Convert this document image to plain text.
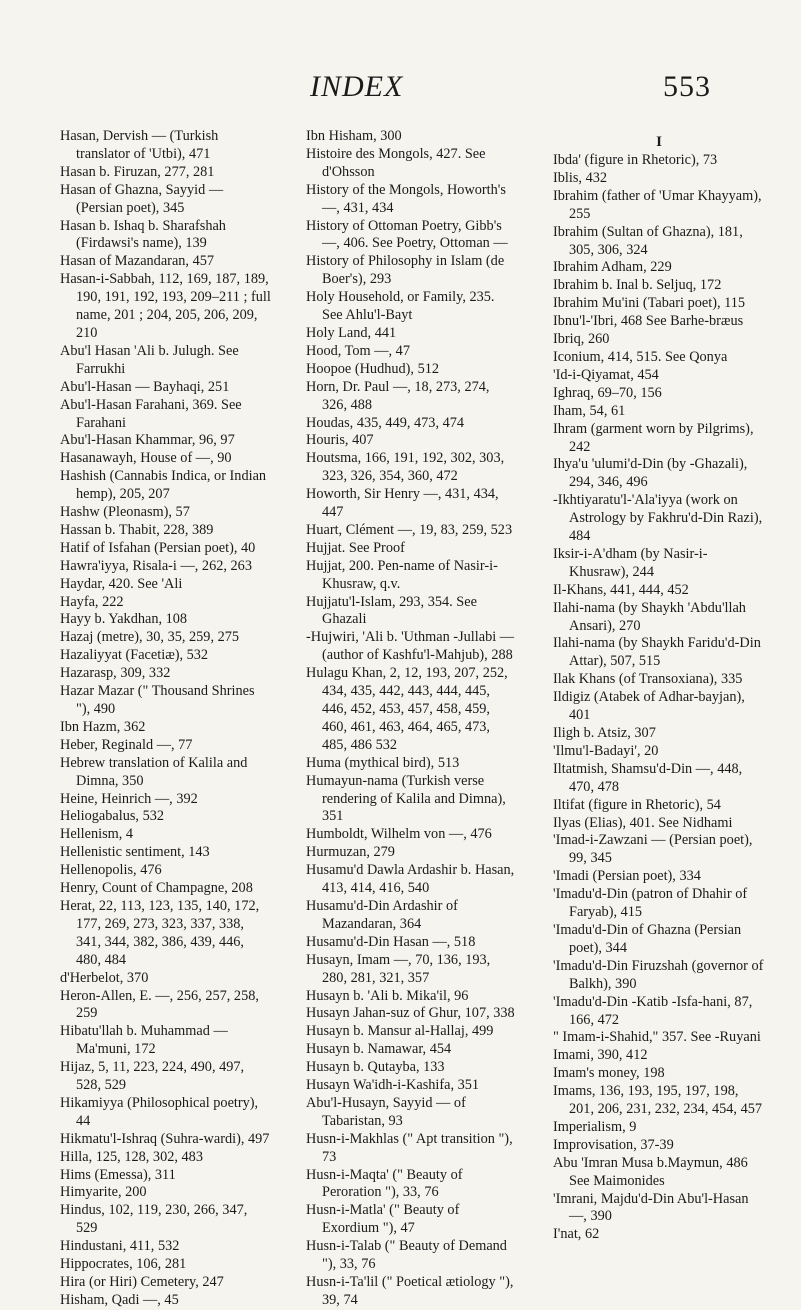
INDEX	553

Hasan, Dervish — (Turkish translator of 'Utbi), 471

Hasan b. Firuzan, 277, 281

Hasan of Ghazna, Sayyid — (Persian poet), 345

Hasan b. Ishaq b. Sharafshah (Firdawsi's name), 139

Hasan of Mazandaran, 457

Hasan-i-Sabbah, 112, 169, 187, 189, 190, 191, 192, 193, 209–211 ; full name, 201 ; 204, 205, 206, 209, 210

Abu'l Hasan 'Ali b. Julugh. See Farrukhi

Abu'l-Hasan — Bayhaqi, 251

Abu'l-Hasan Farahani, 369. See Farahani

Abu'l-Hasan Khammar, 96, 97

Hasanawayh, House of —, 90

Hashish (Cannabis Indica, or Indian hemp), 205, 207

Hashw (Pleonasm), 57

Hassan b. Thabit, 228, 389

Hatif of Isfahan (Persian poet), 40

Hawra'iyya, Risala-i —, 262, 263

Haydar, 420. See 'Ali

Hayfa, 222

Hayy b. Yakdhan, 108

Hazaj (metre), 30, 35, 259, 275

Hazaliyyat (Facetiæ), 532

Hazarasp, 309, 332

Hazar Mazar (" Thousand Shrines "), 490

Ibn Hazm, 362

Heber, Reginald —, 77

Hebrew translation of Kalila and Dimna, 350

Heine, Heinrich —, 392

Heliogabalus, 532

Hellenism, 4

Hellenistic sentiment, 143

Hellenopolis, 476

Henry, Count of Champagne, 208

Herat, 22, 113, 123, 135, 140, 172, 177, 269, 273, 323, 337, 338, 341, 344, 382, 386, 439, 446, 480, 484

d'Herbelot, 370

Heron-Allen, E. —, 256, 257, 258, 259

Hibatu'llah b. Muhammad — Ma'muni, 172

Hijaz, 5, 11, 223, 224, 490, 497, 528, 529

Hikamiyya (Philosophical poetry), 44

Hikmatu'l-Ishraq (Suhra-wardi), 497

Hilla, 125, 128, 302, 483

Hims (Emessa), 311

Himyarite, 200

Hindus, 102, 119, 230, 266, 347, 529

Hindustani, 411, 532

Hippocrates, 106, 281

Hira (or Hiri) Cemetery, 247

Hisham, Qadi —, 45

Ibn Hisham, 300

Histoire des Mongols, 427. See d'Ohsson

History of the Mongols, Howorth's —, 431, 434

History of Ottoman Poetry, Gibb's —, 406. See Poetry, Ottoman —

History of Philosophy in Islam (de Boer's), 293

Holy Household, or Family, 235. See Ahlu'l-Bayt

Holy Land, 441

Hood, Tom —, 47

Hoopoe (Hudhud), 512

Horn, Dr. Paul —, 18, 273, 274, 326, 488

Houdas, 435, 449, 473, 474

Houris, 407

Houtsma, 166, 191, 192, 302, 303, 323, 326, 354, 360, 472

Howorth, Sir Henry —, 431, 434, 447

Huart, Clément —, 19, 83, 259, 523

Hujjat. See Proof

Hujjat, 200. Pen-name of Nasir-i-Khusraw, q.v.

Hujjatu'l-Islam, 293, 354. See Ghazali

-Hujwiri, 'Ali b. 'Uthman -Jullabi — (author of Kashfu'l-Mahjub), 288

Hulagu Khan, 2, 12, 193, 207, 252, 434, 435, 442, 443, 444, 445, 446, 452, 453, 457, 458, 459, 460, 461, 463, 464, 465, 473, 485, 486 532

Huma (mythical bird), 513

Humayun-nama (Turkish verse rendering of Kalila and Dimna), 351

Humboldt, Wilhelm von —, 476

Hurmuzan, 279

Husamu'd Dawla Ardashir b. Hasan, 413, 414, 416, 540

Husamu'd-Din Ardashir of Mazandaran, 364

Husamu'd-Din Hasan —, 518

Husayn, Imam —, 70, 136, 193, 280, 281, 321, 357

Husayn b. 'Ali b. Mika'il, 96

Husayn Jahan-suz of Ghur, 107, 338

Husayn b. Mansur al-Hallaj, 499

Husayn b. Namawar, 454

Husayn b. Qutayba, 133

Husayn Wa'idh-i-Kashifa, 351

Abu'l-Husayn, Sayyid — of Tabaristan, 93

Husn-i-Makhlas (" Apt transition "), 73

Husn-i-Maqta' (" Beauty of Peroration "), 33, 76

Husn-i-Matla' (" Beauty of Exordium "), 47

Husn-i-Talab (" Beauty of Demand "), 33, 76

Husn-i-Ta'lil (" Poetical ætiology "), 39, 74

I

Ibda' (figure in Rhetoric), 73

Iblis, 432

Ibrahim (father of 'Umar Khayyam), 255

Ibrahim (Sultan of Ghazna), 181, 305, 306, 324

Ibrahim Adham, 229

Ibrahim b. Inal b. Seljuq, 172

Ibrahim Mu'ini (Tabari poet), 115

Ibnu'l-'Ibri, 468 See Barhe-bræus

Ibriq, 260

Iconium, 414, 515. See Qonya

'Id-i-Qiyamat, 454

Ighraq, 69–70, 156

Iham, 54, 61

Ihram (garment worn by Pilgrims), 242

Ihya'u 'ulumi'd-Din (by -Ghazali), 294, 346, 496

-Ikhtiyaratu'l-'Ala'iyya (work on Astrology by Fakhru'd-Din Razi), 484

Iksir-i-A'dham (by Nasir-i-Khusraw), 244

Il-Khans, 441, 444, 452

Ilahi-nama (by Shaykh 'Abdu'llah Ansari), 270

Ilahi-nama (by Shaykh Faridu'd-Din Attar), 507, 515

Ilak Khans (of Transoxiana), 335

Ildigiz (Atabek of Adhar-bayjan), 401

Iligh b. Atsiz, 307

'Ilmu'l-Badayi', 20

Iltatmish, Shamsu'd-Din —, 448, 470, 478

Iltifat (figure in Rhetoric), 54

Ilyas (Elias), 401. See Nidhami

'Imad-i-Zawzani — (Persian poet), 99, 345

'Imadi (Persian poet), 334

'Imadu'd-Din (patron of Dhahir of Faryab), 415

'Imadu'd-Din of Ghazna (Persian poet), 344

'Imadu'd-Din Firuzshah (governor of Balkh), 390

'Imadu'd-Din -Katib -Isfa-hani, 87, 166, 472

" Imam-i-Shahid," 357. See -Ruyani

Imami, 390, 412

Imam's money, 198

Imams, 136, 193, 195, 197, 198, 201, 206, 231, 232, 234, 454, 457

Imperialism, 9

Improvisation, 37-39

Abu 'Imran Musa b.Maymun, 486 See Maimonides

'Imrani, Majdu'd-Din Abu'l-Hasan —, 390

I'nat, 62
